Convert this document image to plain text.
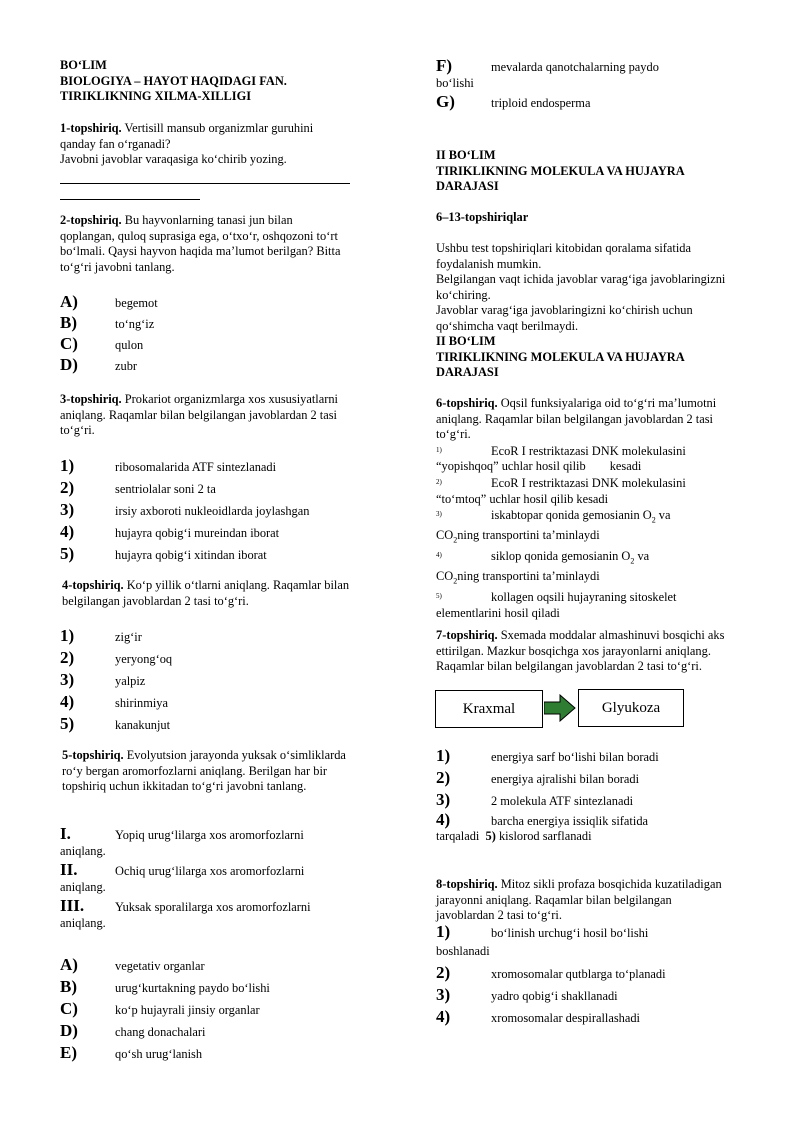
BOʻLIM

BIOLOGIYA – HAYOT HAQIDAGI FAN.

TIRIKLIKNING XILMA-XILLIGI

1-topshiriq. Vertisill mansub organizmlar guruhini qanday fan oʻrganadi?

Javobni javoblar varaqasiga koʻchirib yozing.

2-topshiriq. Bu hayvonlarning tanasi jun bilan qoplangan, quloq suprasiga ega, oʻtxoʻr, oshqozoni toʻrt boʻlmali. Qaysi hayvon haqida maʼlumot berilgan? Bitta toʻgʻri javobni tanlang.

A)	begemot
B)	toʻngʻiz
C)	qulon
D)	zubr

3-topshiriq. Prokariot organizmlarga xos xususiyatlarni aniqlang. Raqamlar bilan belgilangan javoblardan 2 tasi toʻgʻri.

1)	ribosomalarida ATF sintezlanadi
2)	sentriolalar soni 2 ta
3)	irsiy axboroti nukleoidlarda joylashgan
4)	hujayra qobigʻi mureindan iborat
5)	hujayra qobigʻi xitindan iborat

4-topshiriq. Koʻp yillik oʻtlarni aniqlang. Raqamlar bilan belgilangan javoblardan 2 tasi toʻgʻri.

1)	zigʻir
2)	yeryongʻoq
3)	yalpiz
4)	shirinmiya
5)	kanakunjut

5-topshiriq. Evolyutsion jarayonda yuksak oʻsimliklarda roʻy bergan aromorfozlarni aniqlang. Berilgan har bir topshiriq uchun ikkitadan toʻgʻri javobni tanlang.

I.	Yopiq urugʻlilarga xos aromorfozlarni
aniqlang.
II.	Ochiq urugʻlilarga xos aromorfozlarni
aniqlang.
III. Yuksak sporalilarga xos aromorfozlarni
aniqlang.
A)	vegetativ organlar
B)	urugʻkurtakning paydo boʻlishi
C)	koʻp hujayrali jinsiy organlar
D)	chang donachalari
E)	qoʻsh urugʻlanish
F)	mevalarda qanotchalarning paydo
boʻlishi
G)	triploid endosperma

II BOʻLIM

TIRIKLIKNING MOLEKULA VA HUJAYRA

DARAJASI

6–13-topshiriqlar

Ushbu test topshiriqlari kitobidan qoralama sifatida foydalanish mumkin.

Belgilangan vaqt ichida javoblar varagʻiga javoblaringizni koʻchiring.

Javoblar varagʻiga javoblaringizni koʻchirish uchun qoʻshimcha vaqt berilmaydi.

II BOʻLIM

TIRIKLIKNING MOLEKULA VA HUJAYRA

DARAJASI

6-topshiriq. Oqsil funksiyalariga oid toʻgʻri maʼlumotni aniqlang. Raqamlar bilan belgilangan javoblardan 2 tasi toʻgʻri.

1)	EcoR I restriktazasi DNK molekulasini

“yopishqoq” uchlar hosil qilib kesadi

2)	EcoR I restriktazasi DNK molekulasini

“toʻmtoq” uchlar hosil qilib kesadi

3)	iskabtopar qonida gemosianin $O_2$ va

$CO_2ning$ transportini taʼminlaydi

4)	siklop qonida gemosianin $O_2$ va

$CO_2ning$ transportini taʼminlaydi

5)	kollagen oqsili hujayraning sitoskelet

elementlarini hosil qiladi

7-topshiriq. Sxemada moddalar almashinuvi bosqichi aks ettirilgan. Mazkur bosqichga xos jarayonlarni aniqlang. Raqamlar bilan belgilangan javoblardan 2 tasi toʻgʻri.

Kraxmal	Glyukoza
1)	energiya sarf boʻlishi bilan boradi
2)	energiya ajralishi bilan boradi
3)	2 molekula ATF sintezlanadi
4)	barcha energiya issiqlik sifatida
tarqaladi 5) kislorod sarflanadi

8-topshiriq. Mitoz sikli profaza bosqichida kuzatiladigan jarayonni aniqlang. Raqamlar bilan belgilangan javoblardan 2 tasi toʻgʻri.

1)	boʻlinish urchugʻi hosil boʻlishi
boshlanadi
2)	xromosomalar qutblarga toʻplanadi
3)	yadro qobigʻi shakllanadi
4)	xromosomalar despirallashadi
